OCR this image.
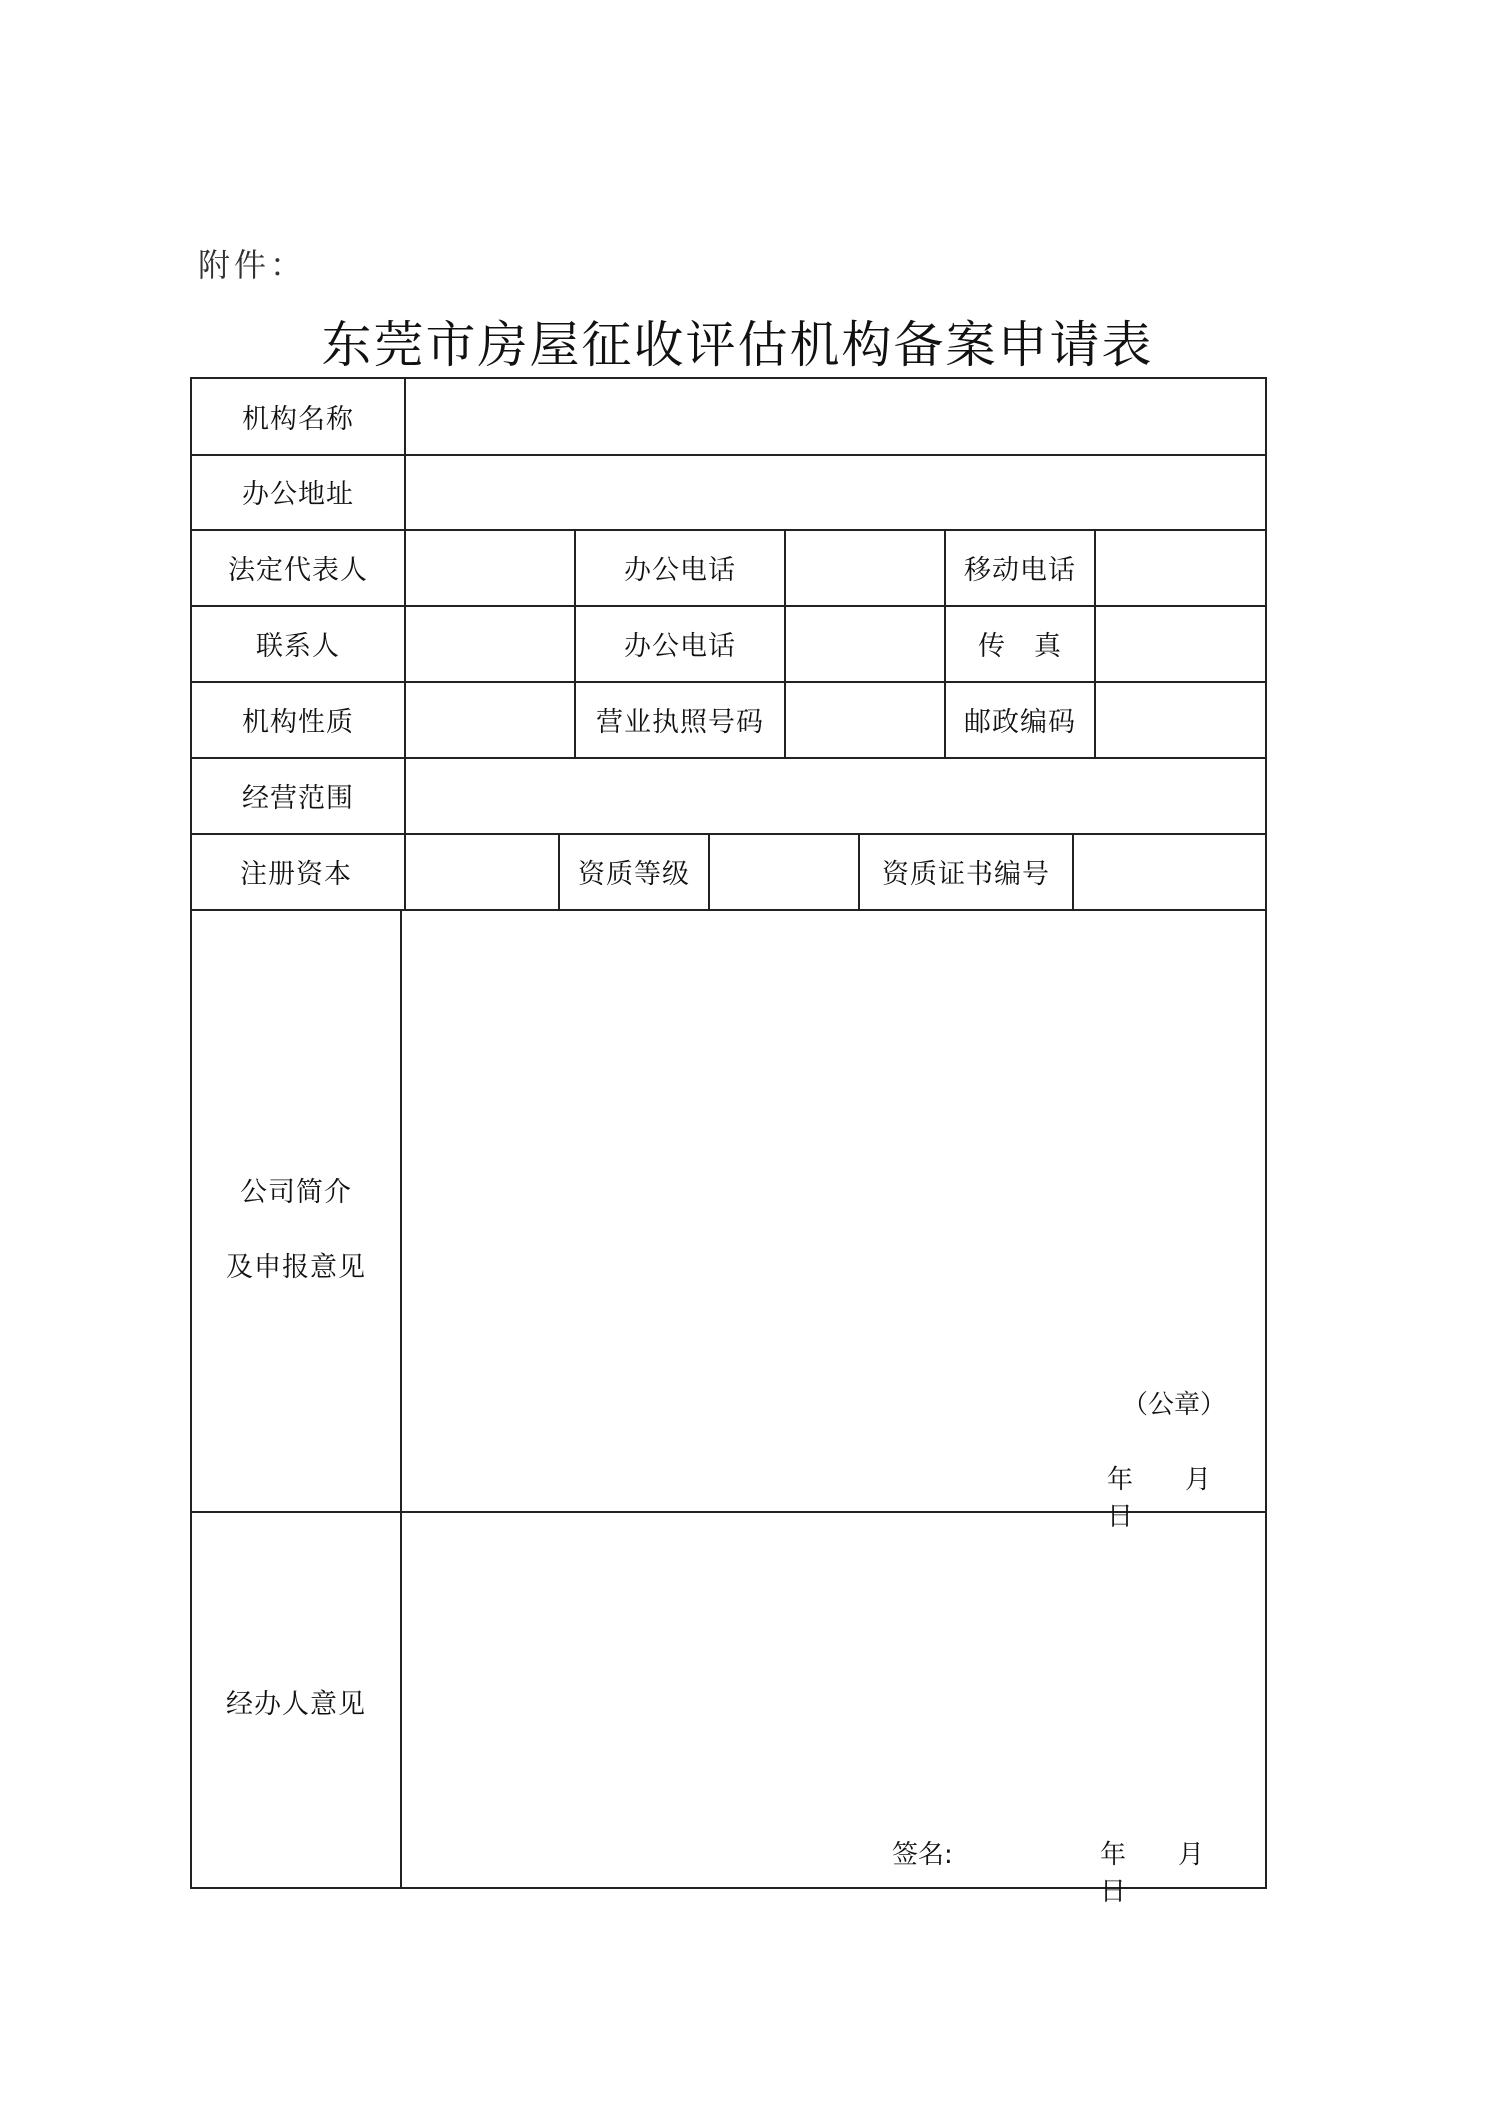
附件：
东莞市房屋征收评估机构备案申请表
机构名称
办公地址
法定代表人	办公电话	移动电话
联系人	办公电话	传　真
机构性质	营业执照号码	邮政编码
经营范围
注册资本	资质等级	资质证书编号
公司简介
及申报意见
（公章）
年　　月　　日
经办人意见
签名:	年　　月　　日
